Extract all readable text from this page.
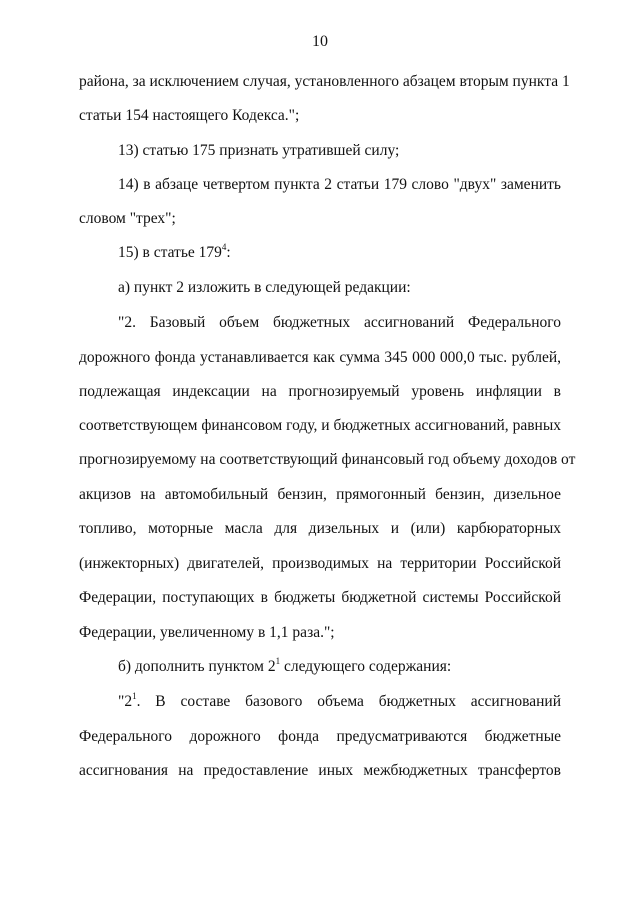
10
района, за исключением случая, установленного абзацем вторым пункта 1
статьи 154 настоящего Кодекса.";
13) статью 175 признать утратившей силу;
14) в абзаце четвертом пункта 2 статьи 179 слово "двух" заменить
словом "трех";
15) в статье $179^4$:
а) пункт 2 изложить в следующей редакции:
"2. Базовый объем бюджетных ассигнований Федерального
дорожного фонда устанавливается как сумма 345 000 000,0 тыс. рублей,
подлежащая индексации на прогнозируемый уровень инфляции в
соответствующем финансовом году, и бюджетных ассигнований, равных
прогнозируемому на соответствующий финансовый год объему доходов от
акцизов на автомобильный бензин, прямогонный бензин, дизельное
топливо, моторные масла для дизельных и (или) карбюраторных
(инжекторных) двигателей, производимых на территории Российской
Федерации, поступающих в бюджеты бюджетной системы Российской
Федерации, увеличенному в 1,1 раза.";
б) дополнить пунктом $2^1$ следующего содержания:
"$2^1$. В составе базового объема бюджетных ассигнований
Федерального дорожного фонда предусматриваются бюджетные
ассигнования на предоставление иных межбюджетных трансфертов
